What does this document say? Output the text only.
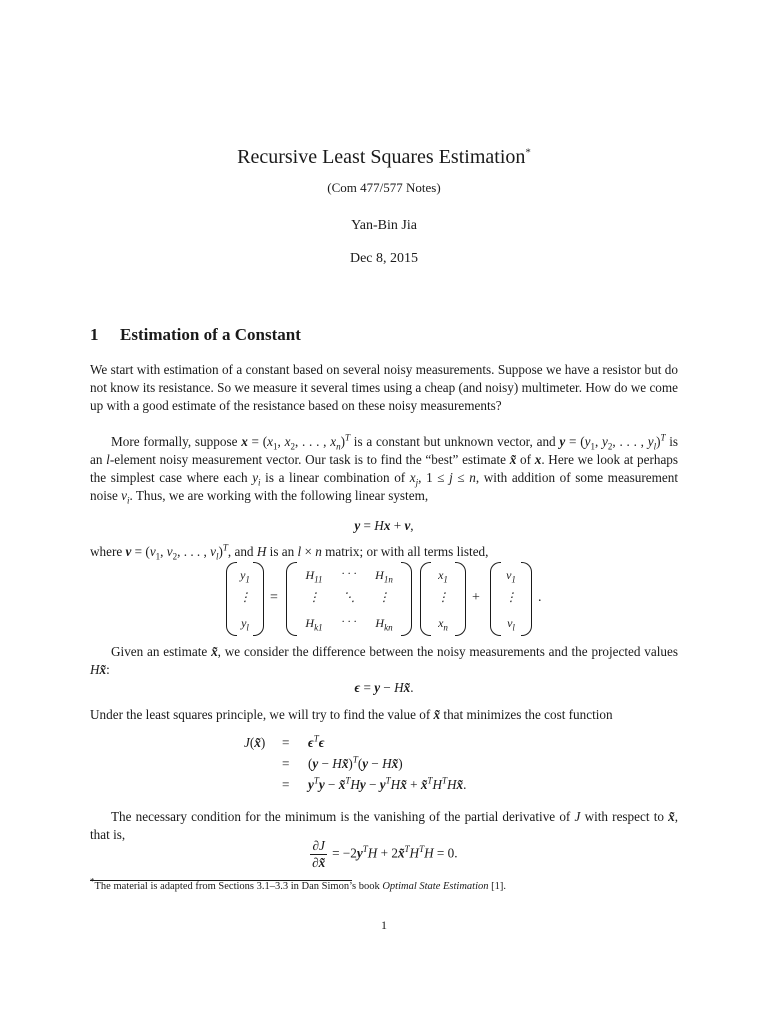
Recursive Least Squares Estimation*
(Com 477/577 Notes)
Yan-Bin Jia
Dec 8, 2015
1 Estimation of a Constant
We start with estimation of a constant based on several noisy measurements. Suppose we have a resistor but do not know its resistance. So we measure it several times using a cheap (and noisy) multimeter. How do we come up with a good estimate of the resistance based on these noisy measurements?
More formally, suppose $x = (x_1$, $x_2$, . . . , $x_n)^T$ is a constant but unknown vector, and $y = (y_1$, $y_2$, . . . , $y_l)^T$ is an l-element noisy measurement vector. Our task is to find the “best” estimate x̃ of x. Here we look at perhaps the simplest case where each $y_i$ is a linear combination of $x_j$, 1 ≤ j ≤ n, with addition of some measurement noise $\nu_i$. Thus, we are working with the following linear system,
y = Hx + ν,
where $\nu = (\nu_1$, $\nu_2$, . . . , $\nu_l)^T$, and H is an l × n matrix; or with all terms listed,
$y_1$
⋮
$y_l$
=
$H_{11}$	· · ·	$H_{1n}$
⋮	⋱	⋮
$H_{k1}$	· · ·	$H_{kn}$
$x_1$
⋮
$x_n$
+
$\nu_1$
⋮
$\nu_l$
.
Given an estimate x̃, we consider the difference between the noisy measurements and the projected values Hx̃:
ϵ = y − Hx̃.
Under the least squares principle, we will try to find the value of x̃ that minimizes the cost function
J(x̃) = $\epsilon^T\epsilon$
= (y − Hx̃)$^T$(y − Hx̃)
= $y^Ty$ − x̃$^T$Hy − $y^THx̃$ + $x̃^TH^THx̃$.
The necessary condition for the minimum is the vanishing of the partial derivative of J with respect to x̃, that is,
$\frac{\partial J}{\partial x̃} = -2y^TH$ + $2x̃^TH^TH = 0$.
*The material is adapted from Sections 3.1–3.3 in Dan Simon’s book Optimal State Estimation [1].
1
